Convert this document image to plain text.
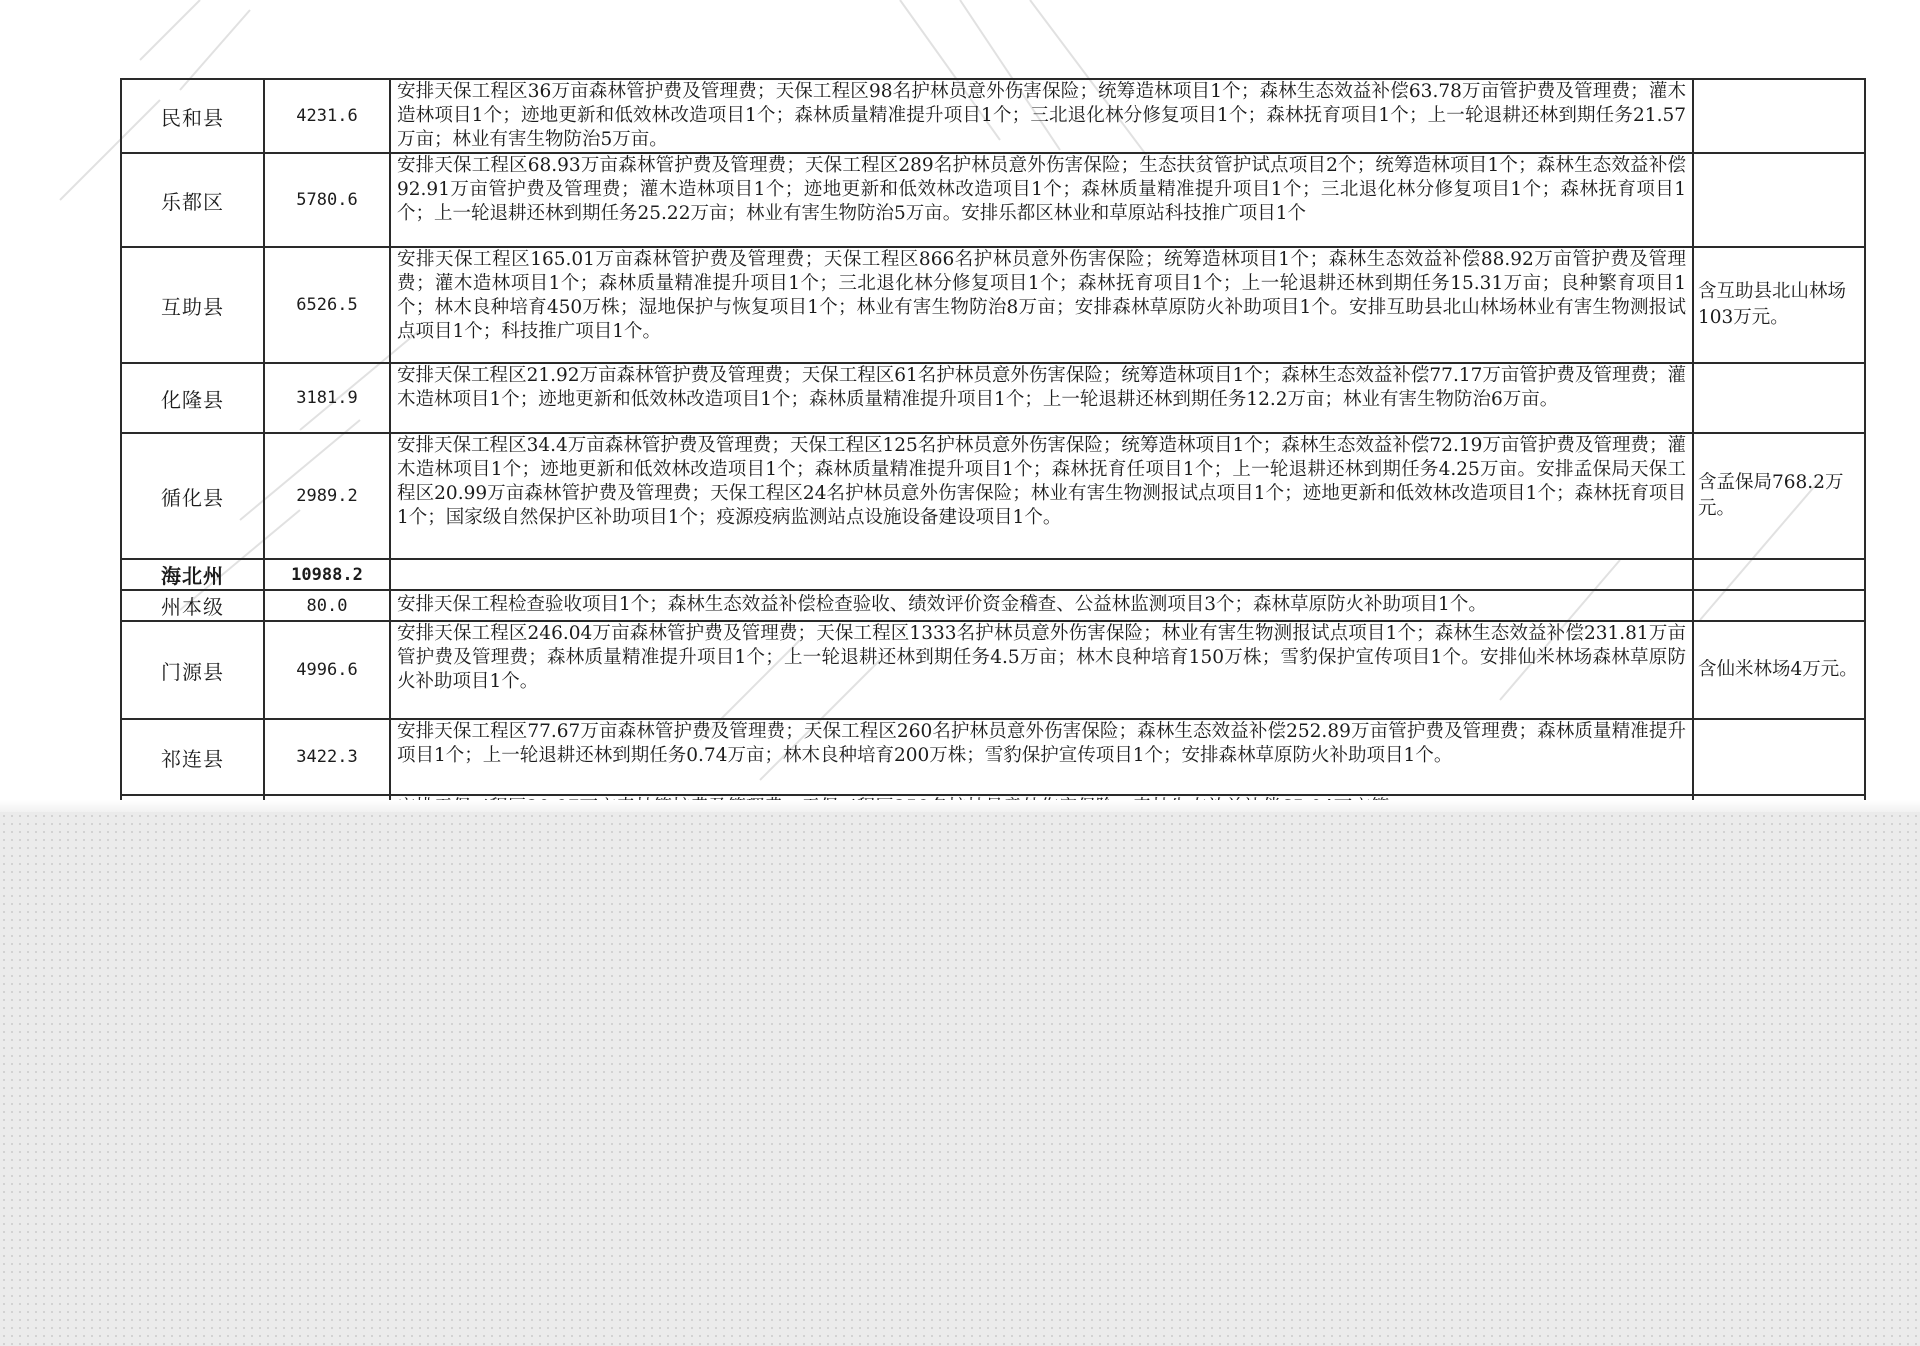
民和县	4231.6	安排天保工程区36万亩森林管护费及管理费；天保工程区98名护林员意外伤害保险；统筹造林项目1个；森林生态效益补偿63.78万亩管护费及管理费；灌木造林项目1个；迹地更新和低效林改造项目1个；森林质量精准提升项目1个；三北退化林分修复项目1个；森林抚育项目1个；上一轮退耕还林到期任务21.57万亩；林业有害生物防治5万亩。	

乐都区	5780.6	安排天保工程区68.93万亩森林管护费及管理费；天保工程区289名护林员意外伤害保险；生态扶贫管护试点项目2个；统筹造林项目1个；森林生态效益补偿92.91万亩管护费及管理费；灌木造林项目1个；迹地更新和低效林改造项目1个；森林质量精准提升项目1个；三北退化林分修复项目1个；森林抚育项目1个；上一轮退耕还林到期任务25.22万亩；林业有害生物防治5万亩。安排乐都区林业和草原站科技推广项目1个	

互助县	6526.5	安排天保工程区165.01万亩森林管护费及管理费；天保工程区866名护林员意外伤害保险；统筹造林项目1个；森林生态效益补偿88.92万亩管护费及管理费；灌木造林项目1个；森林质量精准提升项目1个；三北退化林分修复项目1个；森林抚育项目1个；上一轮退耕还林到期任务15.31万亩；良种繁育项目1个；林木良种培育450万株；湿地保护与恢复项目1个；林业有害生物防治8万亩；安排森林草原防火补助项目1个。安排互助县北山林场林业有害生物测报试点项目1个；科技推广项目1个。	含互助县北山林场103万元。
化隆县	3181.9	安排天保工程区21.92万亩森林管护费及管理费；天保工程区61名护林员意外伤害保险；统筹造林项目1个；森林生态效益补偿77.17万亩管护费及管理费；灌木造林项目1个；迹地更新和低效林改造项目1个；森林质量精准提升项目1个；上一轮退耕还林到期任务12.2万亩；林业有害生物防治6万亩。	

循化县	2989.2	安排天保工程区34.4万亩森林管护费及管理费；天保工程区125名护林员意外伤害保险；统筹造林项目1个；森林生态效益补偿72.19万亩管护费及管理费；灌木造林项目1个；迹地更新和低效林改造项目1个；森林质量精准提升项目1个；森林抚育任项目1个；上一轮退耕还林到期任务4.25万亩。安排孟保局天保工程区20.99万亩森林管护费及管理费；天保工程区24名护林员意外伤害保险；林业有害生物测报试点项目1个；迹地更新和低效林改造项目1个；森林抚育项目1个；国家级自然保护区补助项目1个；疫源疫病监测站点设施设备建设项目1个。	含孟保局768.2万元。
海北州	10988.2		
州本级	80.0	安排天保工程检查验收项目1个；森林生态效益补偿检查验收、绩效评价资金稽查、公益林监测项目3个；森林草原防火补助项目1个。	

门源县	4996.6	安排天保工程区246.04万亩森林管护费及管理费；天保工程区1333名护林员意外伤害保险；林业有害生物测报试点项目1个；森林生态效益补偿231.81万亩管护费及管理费；森林质量精准提升项目1个；上一轮退耕还林到期任务4.5万亩；林木良种培育150万株；雪豹保护宣传项目1个。安排仙米林场森林草原防火补助项目1个。	含仙米林场4万元。
祁连县	3422.3	安排天保工程区77.67万亩森林管护费及管理费；天保工程区260名护林员意外伤害保险；森林生态效益补偿252.89万亩管护费及管理费；森林质量精准提升项目1个；上一轮退耕还林到期任务0.74万亩；林木良种培育200万株；雪豹保护宣传项目1个；安排森林草原防火补助项目1个。	
